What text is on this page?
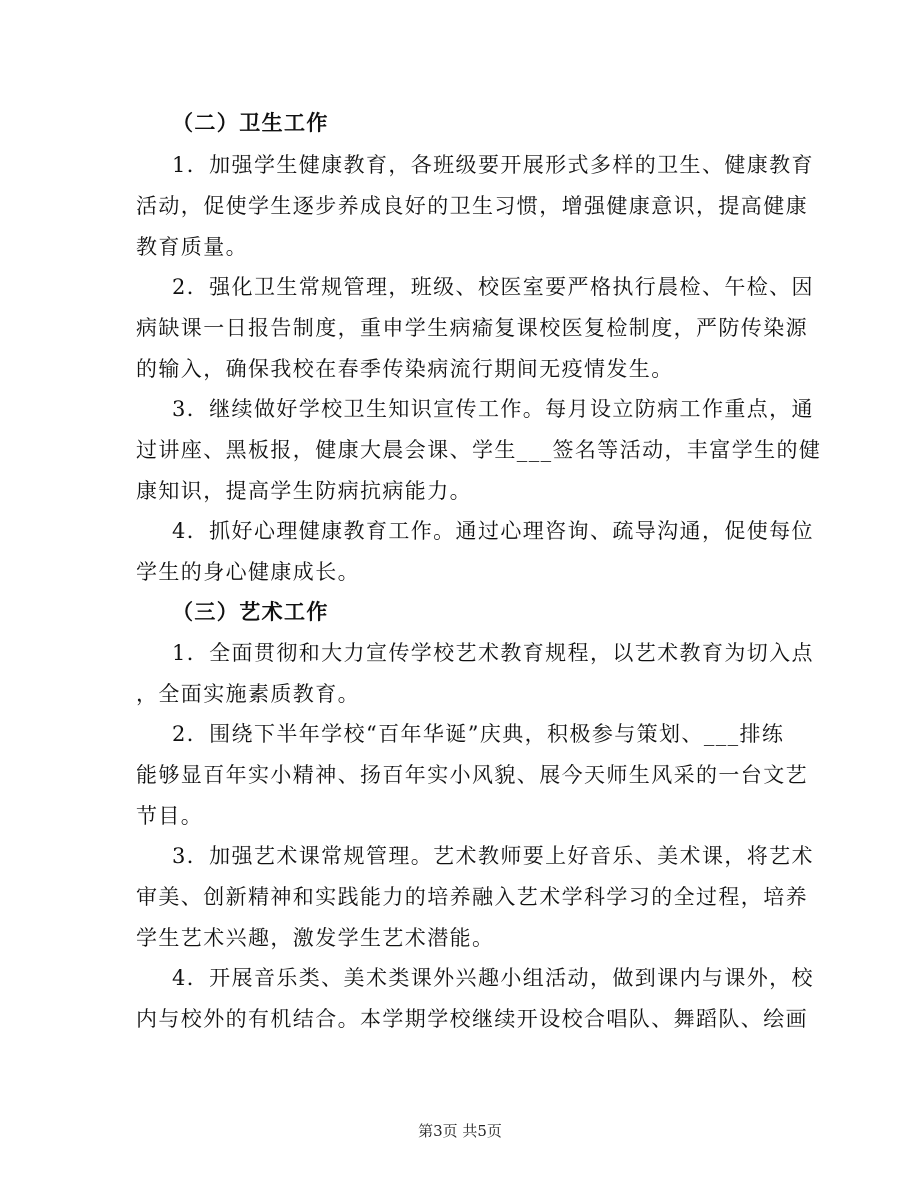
（二）卫生工作
1．加强学生健康教育，各班级要开展形式多样的卫生、健康教育
活动，促使学生逐步养成良好的卫生习惯，增强健康意识，提高健康
教育质量。
2．强化卫生常规管理，班级、校医室要严格执行晨检、午检、因
病缺课一日报告制度，重申学生病瘉复课校医复检制度，严防传染源
的输入，确保我校在春季传染病流行期间无疫情发生。
3．继续做好学校卫生知识宣传工作。每月设立防病工作重点，通
过讲座、黑板报，健康大晨会课、学生___签名等活动，丰富学生的健
康知识，提高学生防病抗病能力。
4．抓好心理健康教育工作。通过心理咨询、疏导沟通，促使每位
学生的身心健康成长。
（三）艺术工作
1．全面贯彻和大力宣传学校艺术教育规程，以艺术教育为切入点
，全面实施素质教育。
2．围绕下半年学校“百年华诞”庆典，积极参与策划、___排练
能够显百年实小精神、扬百年实小风貌、展今天师生风采的一台文艺
节目。
3．加强艺术课常规管理。艺术教师要上好音乐、美术课，将艺术
审美、创新精神和实践能力的培养融入艺术学科学习的全过程，培养
学生艺术兴趣，激发学生艺术潜能。
4．开展音乐类、美术类课外兴趣小组活动，做到课内与课外，校
内与校外的有机结合。本学期学校继续开设校合唱队、舞蹈队、绘画
第3页 共5页
